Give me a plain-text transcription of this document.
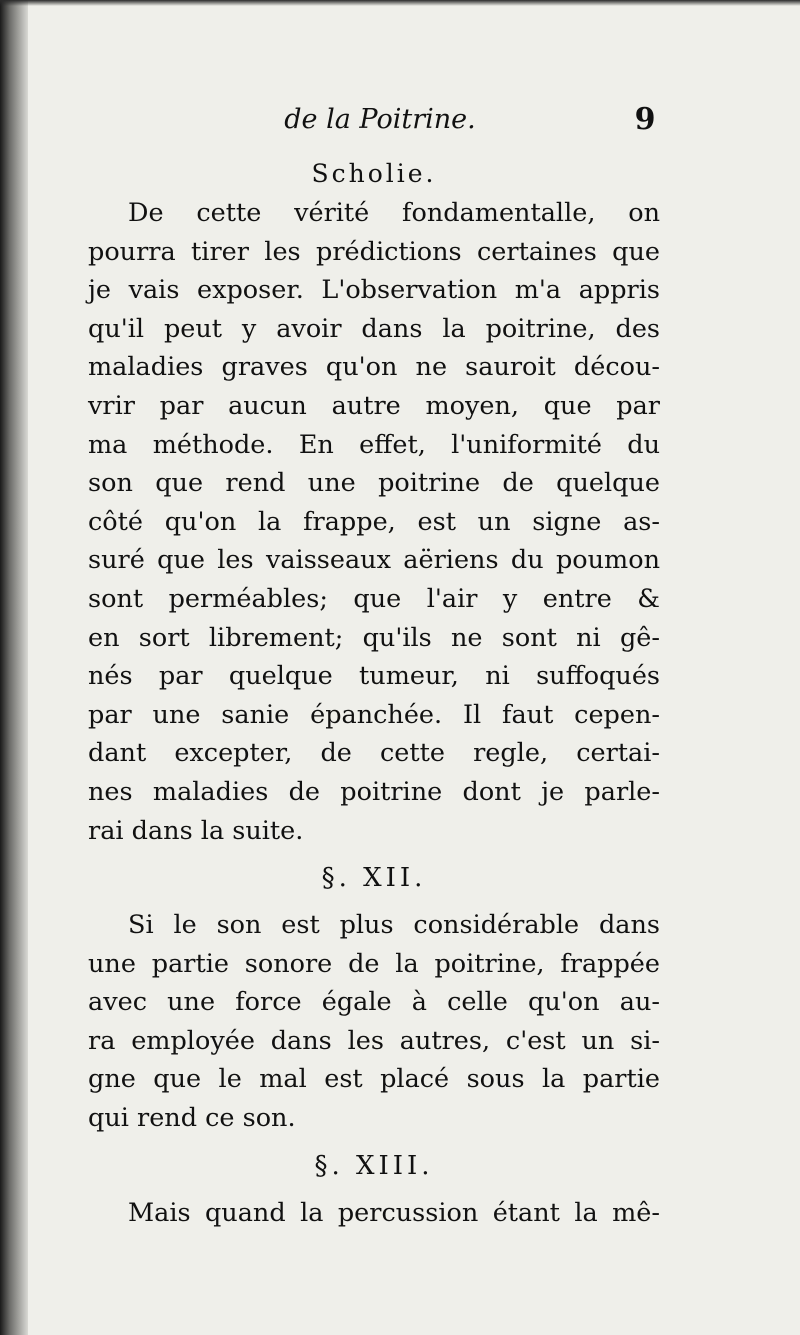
de la Poitrine.	9
Scholie.
De cette vérité fondamentalle, on
pourra tirer les prédictions certaines que
je vais exposer. L'observation m'a appris
qu'il peut y avoir dans la poitrine, des
maladies graves qu'on ne sauroit décou-
vrir par aucun autre moyen, que par
ma méthode. En effet, l'uniformité du
son que rend une poitrine de quelque
côté qu'on la frappe, est un signe as-
suré que les vaisseaux aëriens du poumon
sont perméables; que l'air y entre &
en sort librement; qu'ils ne sont ni gê-
nés par quelque tumeur, ni suffoqués
par une sanie épanchée. Il faut cepen-
dant excepter, de cette regle, certai-
nes maladies de poitrine dont je parle-
rai dans la suite.
§. XII.
Si le son est plus considérable dans
une partie sonore de la poitrine, frappée
avec une force égale à celle qu'on au-
ra employée dans les autres, c'est un si-
gne que le mal est placé sous la partie
qui rend ce son.
§. XIII.
Mais quand la percussion étant la mê-
